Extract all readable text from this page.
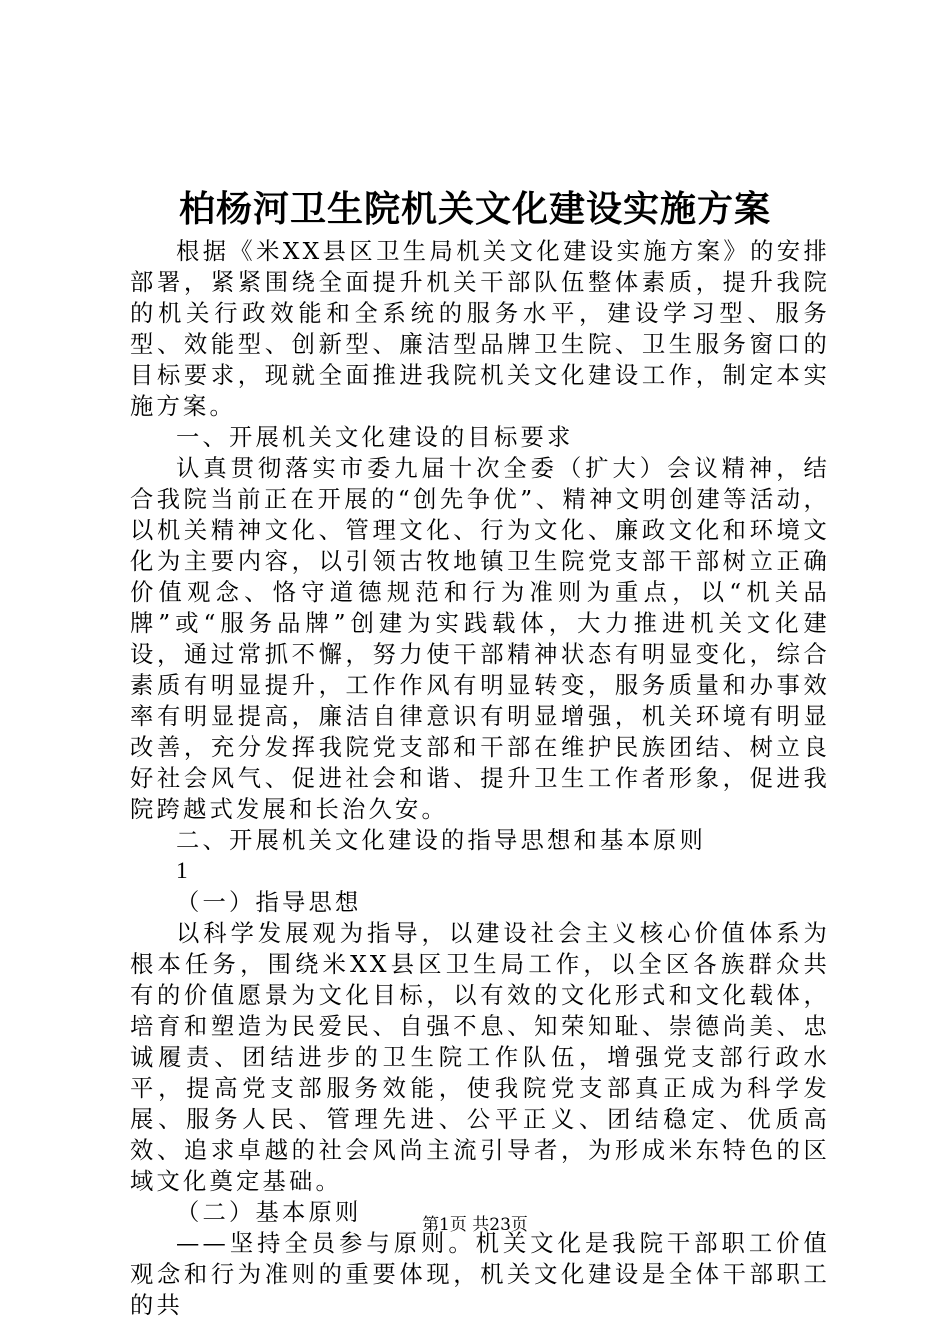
柏杨河卫生院机关文化建设实施方案

根据《米XX县区卫生局机关文化建设实施方案》的安排部署，紧紧围绕全面提升机关干部队伍整体素质，提升我院的机关行政效能和全系统的服务水平，建设学习型、服务型、效能型、创新型、廉洁型品牌卫生院、卫生服务窗口的目标要求，现就全面推进我院机关文化建设工作，制定本实施方案。

一、开展机关文化建设的目标要求

认真贯彻落实市委九届十次全委（扩大）会议精神，结合我院当前正在开展的“创先争优”、精神文明创建等活动，以机关精神文化、管理文化、行为文化、廉政文化和环境文化为主要内容，以引领古牧地镇卫生院党支部干部树立正确价值观念、恪守道德规范和行为准则为重点，以“机关品牌”或“服务品牌”创建为实践载体，大力推进机关文化建设，通过常抓不懈，努力使干部精神状态有明显变化，综合素质有明显提升，工作作风有明显转变，服务质量和办事效率有明显提高，廉洁自律意识有明显增强，机关环境有明显改善，充分发挥我院党支部和干部在维护民族团结、树立良好社会风气、促进社会和谐、提升卫生工作者形象，促进我院跨越式发展和长治久安。

二、开展机关文化建设的指导思想和基本原则

1

（一）指导思想

以科学发展观为指导，以建设社会主义核心价值体系为根本任务，围绕米XX县区卫生局工作，以全区各族群众共有的价值愿景为文化目标，以有效的文化形式和文化载体，培育和塑造为民爱民、自强不息、知荣知耻、崇德尚美、忠诚履责、团结进步的卫生院工作队伍，增强党支部行政水平，提高党支部服务效能，使我院党支部真正成为科学发展、服务人民、管理先进、公平正义、团结稳定、优质高效、追求卓越的社会风尚主流引导者，为形成米东特色的区域文化奠定基础。

（二）基本原则

——坚持全员参与原则。机关文化是我院干部职工价值观念和行为准则的重要体现，机关文化建设是全体干部职工的共

第1页 共23页
